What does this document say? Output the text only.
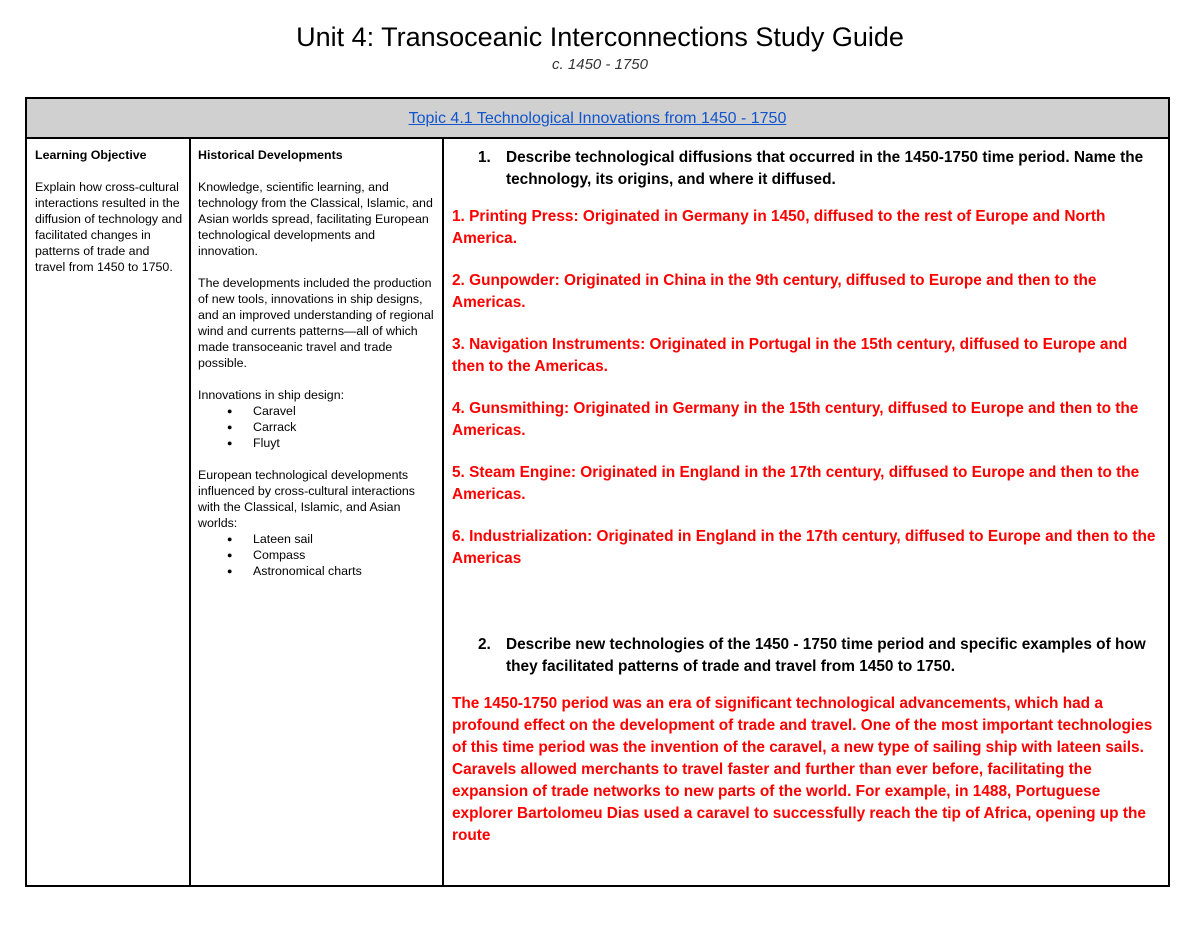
Unit 4: Transoceanic Interconnections Study Guide
c. 1450 - 1750
Topic 4.1 Technological Innovations from 1450 - 1750
Learning Objective
Explain how cross-cultural interactions resulted in the diffusion of technology and facilitated changes in patterns of trade and travel from 1450 to 1750.
Historical Developments
Knowledge, scientific learning, and technology from the Classical, Islamic, and Asian worlds spread, facilitating European technological developments and innovation.
The developments included the production of new tools, innovations in ship designs, and an improved understanding of regional wind and currents patterns—all of which made transoceanic travel and trade possible.
Innovations in ship design:
● Caravel
● Carrack
● Fluyt
European technological developments influenced by cross-cultural interactions with the Classical, Islamic, and Asian worlds:
● Lateen sail
● Compass
● Astronomical charts
1. Describe technological diffusions that occurred in the 1450-1750 time period. Name the technology, its origins, and where it diffused.
1. Printing Press: Originated in Germany in 1450, diffused to the rest of Europe and North America.
2. Gunpowder: Originated in China in the 9th century, diffused to Europe and then to the Americas.
3. Navigation Instruments: Originated in Portugal in the 15th century, diffused to Europe and then to the Americas.
4. Gunsmithing: Originated in Germany in the 15th century, diffused to Europe and then to the Americas.
5. Steam Engine: Originated in England in the 17th century, diffused to Europe and then to the Americas.
6. Industrialization: Originated in England in the 17th century, diffused to Europe and then to the Americas
2. Describe new technologies of the 1450 - 1750 time period and specific examples of how they facilitated patterns of trade and travel from 1450 to 1750.
The 1450-1750 period was an era of significant technological advancements, which had a profound effect on the development of trade and travel. One of the most important technologies of this time period was the invention of the caravel, a new type of sailing ship with lateen sails. Caravels allowed merchants to travel faster and further than ever before, facilitating the expansion of trade networks to new parts of the world. For example, in 1488, Portuguese explorer Bartolomeu Dias used a caravel to successfully reach the tip of Africa, opening up the route
